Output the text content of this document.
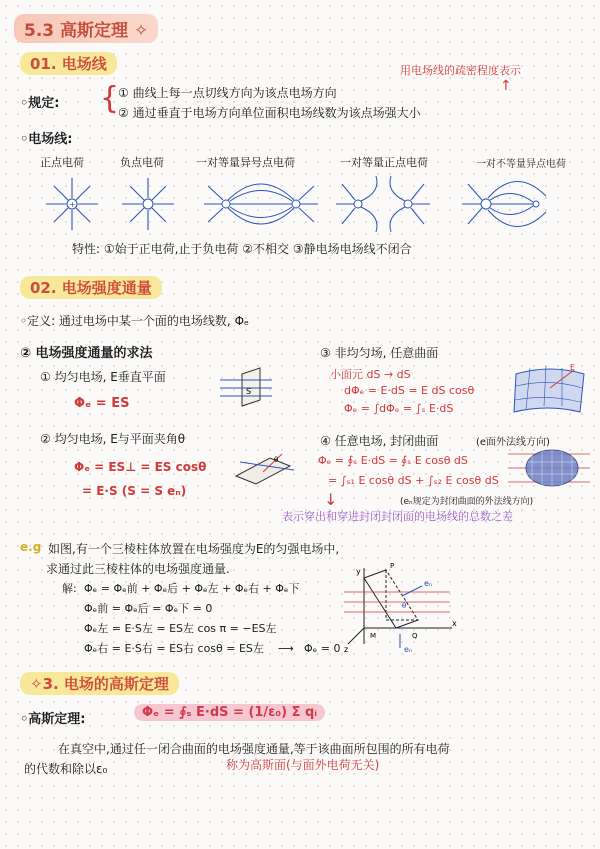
5.3 高斯定理 ✧
01. 电场线	用电场线的疏密程度表示
↑
◦规定: {
① 曲线上每一点切线方向为该点电场方向
② 通过垂直于电场方向单位面积电场线数为该点场强大小
◦电场线:
正点电荷	负点电荷	一对等量异号点电荷	一对等量正点电荷	一对不等量异点电荷
+
特性: ①始于正电荷,止于负电荷 ②不相交 ③静电场电场线不闭合
02. 电场强度通量
◦定义: 通过电场中某一个面的电场线数, Φₑ
② 电场强度通量的求法
① 均匀电场, E垂直平面
S
Φₑ = ES
② 均匀电场, E与平面夹角θ
θ
Φₑ = ES⊥ = ES cosθ
= E·S (S = S eₙ)
③ 非均匀场, 任意曲面
小面元 dS → dS
dΦₑ = E·dS = E dS cosθ
Φₑ = ∫dΦₑ = ∫ₛ E·dS
E
④ 任意电场, 封闭曲面	(e面外法线方向)
Φₑ = ∮ₛ E·dS = ∮ₛ E cosθ dS
= ∫ₛ₁ E cosθ dS + ∫ₛ₂ E cosθ dS
(eₙ规定为封闭曲面的外法线方向)
↓
表示穿出和穿进封闭封闭面的电场线的总数之差
e.g 如图,有一个三棱柱体放置在电场强度为E的匀强电场中,
求通过此三棱柱体的电场强度通量.
解: Φₑ = Φₑ前 + Φₑ后 + Φₑ左 + Φₑ右 + Φₑ下
Φₑ前 = Φₑ后 = Φₑ下 = 0
Φₑ左 = E·S左 = ES左 cos π = −ES左
Φₑ右 = E·S右 = ES右 cosθ = ES左 ⟶ Φₑ = 0
eₙ
eₙ
y
x
z
M	Q
P
θ
✧3. 电场的高斯定理
◦高斯定理:	Φₑ = ∮ₛ E·dS = (1/ε₀) Σ qᵢ
在真空中,通过任一闭合曲面的电场强度通量,等于该曲面所包围的所有电荷
的代数和除以ε₀	称为高斯面(与面外电荷无关)
